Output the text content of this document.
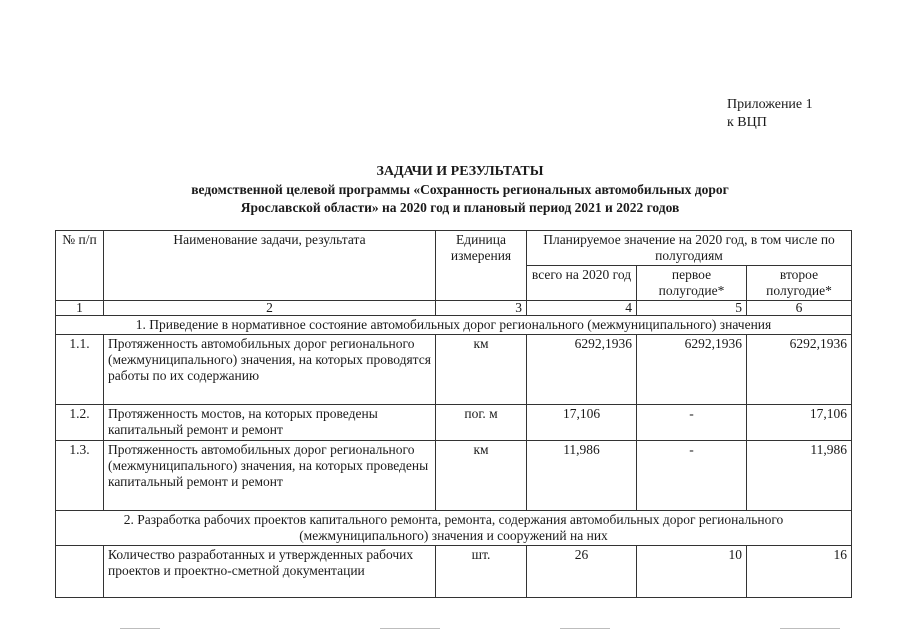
Приложение 1
к ВЦП
ЗАДАЧИ И РЕЗУЛЬТАТЫ
ведомственной целевой программы «Сохранность региональных автомобильных дорог
Ярославской области» на 2020 год и плановый период 2021 и 2022 годов
№ п/п	Наименование задачи, результата	Единица измерения	Планируемое значение на 2020 год, в том числе по полугодиям		
			всего на 2020 год	первое полугодие*	второе полугодие*
1	2	3	4	5	6
1. Приведение в нормативное состояние автомобильных дорог регионального (межмуниципального) значения					
1.1.	Протяженность автомобильных дорог регионального (межмуниципального) значения, на которых проводятся работы по их содержанию	км	6292,1936	6292,1936	6292,1936
1.2.	Протяженность мостов, на которых проведены капитальный ремонт и ремонт	пог. м	17,106	-	17,106
1.3.	Протяженность автомобильных дорог регионального (межмуниципального) значения, на которых проведены капитальный ремонт и ремонт	км	11,986	-	11,986
2. Разработка рабочих проектов капитального ремонта, ремонта, содержания автомобильных дорог регионального (межмуниципального) значения и сооружений на них					
	Количество разработанных и утвержденных рабочих проектов и проектно-сметной документации	шт.	26	10	16
